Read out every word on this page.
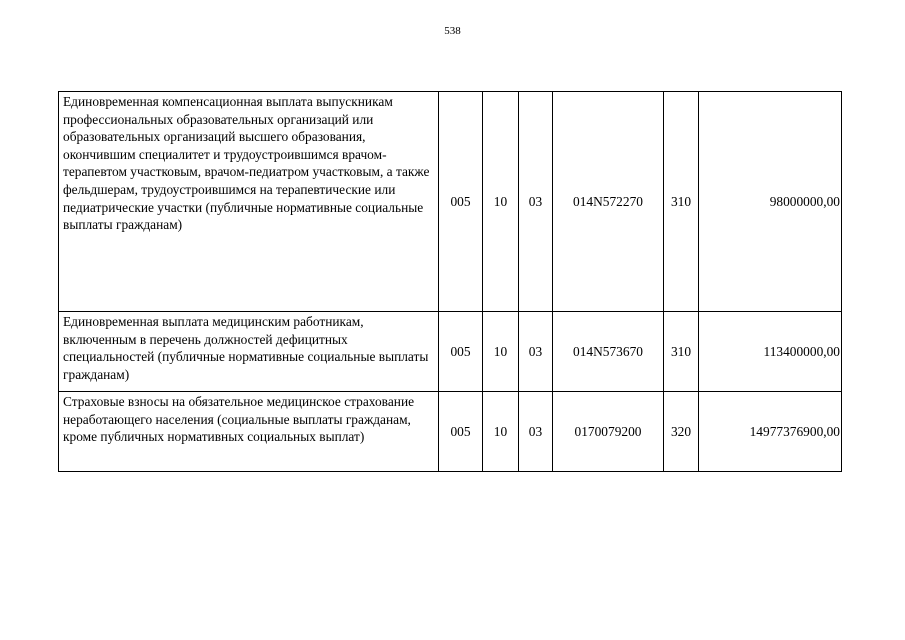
538
Единовременная компенсационная выплата выпускникам профессиональных образовательных организаций или образовательных организаций высшего образования, окончившим специалитет и трудоустроившимся врачом-терапевтом участковым, врачом-педиатром участковым, а также фельдшерам, трудоустроившимся на терапевтические или педиатрические участки (публичные нормативные социальные выплаты гражданам)	005	10	03	014N572270	310	98000000,00
Единовременная выплата медицинским работникам, включенным в перечень должностей дефицитных специальностей (публичные нормативные социальные выплаты гражданам)	005	10	03	014N573670	310	113400000,00
Страховые взносы на обязательное медицинское страхование неработающего населения (социальные выплаты гражданам, кроме публичных нормативных социальных выплат)	005	10	03	0170079200	320	14977376900,00
